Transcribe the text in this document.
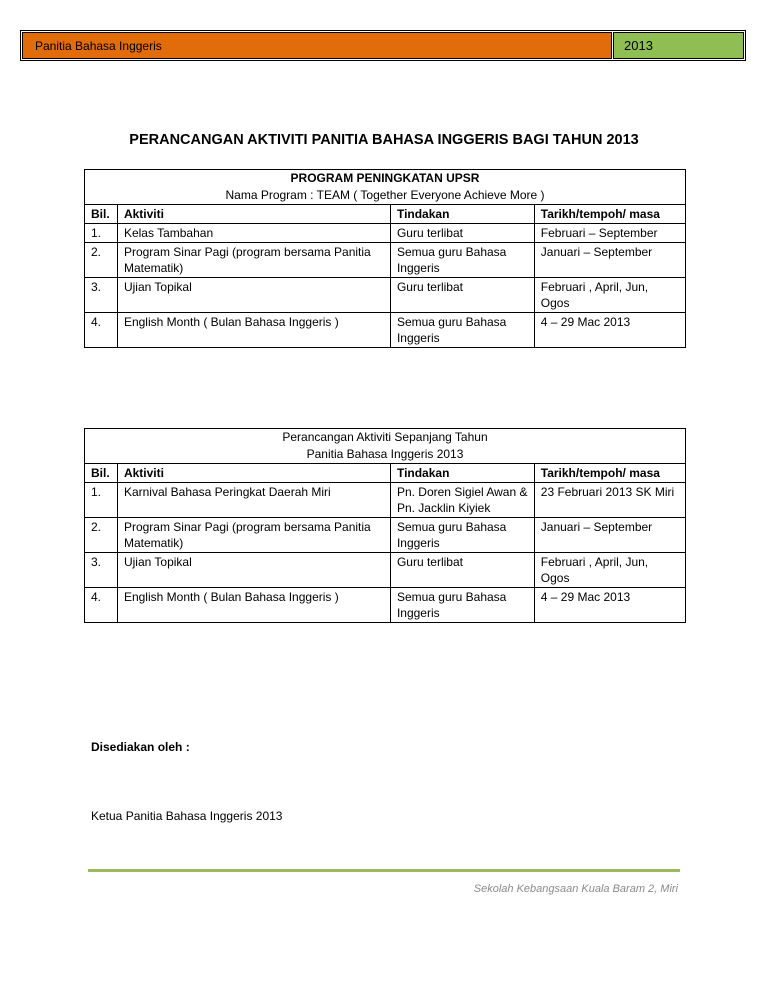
Panitia Bahasa Inggeris	2013
PERANCANGAN AKTIVITI PANITIA BAHASA INGGERIS BAGI TAHUN 2013
PROGRAM PENINGKATAN UPSR
Nama Program : TEAM ( Together Everyone Achieve More )			

Bil.	Aktiviti	Tindakan	Tarikh/tempoh/ masa
1.	Kelas Tambahan	Guru terlibat	Februari – September
2.	Program Sinar Pagi (program bersama Panitia Matematik)	Semua guru Bahasa Inggeris	Januari – September
3.	Ujian Topikal	Guru terlibat	Februari , April, Jun, Ogos
4.	English Month ( Bulan Bahasa Inggeris )	Semua guru Bahasa Inggeris	4 – 29 Mac 2013
Perancangan Aktiviti Sepanjang Tahun
Panitia Bahasa Inggeris 2013			

Bil.	Aktiviti	Tindakan	Tarikh/tempoh/ masa
1.	Karnival Bahasa Peringkat Daerah Miri	Pn. Doren Sigiel Awan & Pn. Jacklin Kiyiek	23 Februari 2013 SK Miri
2.	Program Sinar Pagi (program bersama Panitia Matematik)	Semua guru Bahasa Inggeris	Januari – September
3.	Ujian Topikal	Guru terlibat	Februari , April, Jun, Ogos
4.	English Month ( Bulan Bahasa Inggeris )	Semua guru Bahasa Inggeris	4 – 29 Mac 2013
Disediakan oleh :
Ketua Panitia Bahasa Inggeris 2013
Sekolah Kebangsaan Kuala Baram 2, Miri
